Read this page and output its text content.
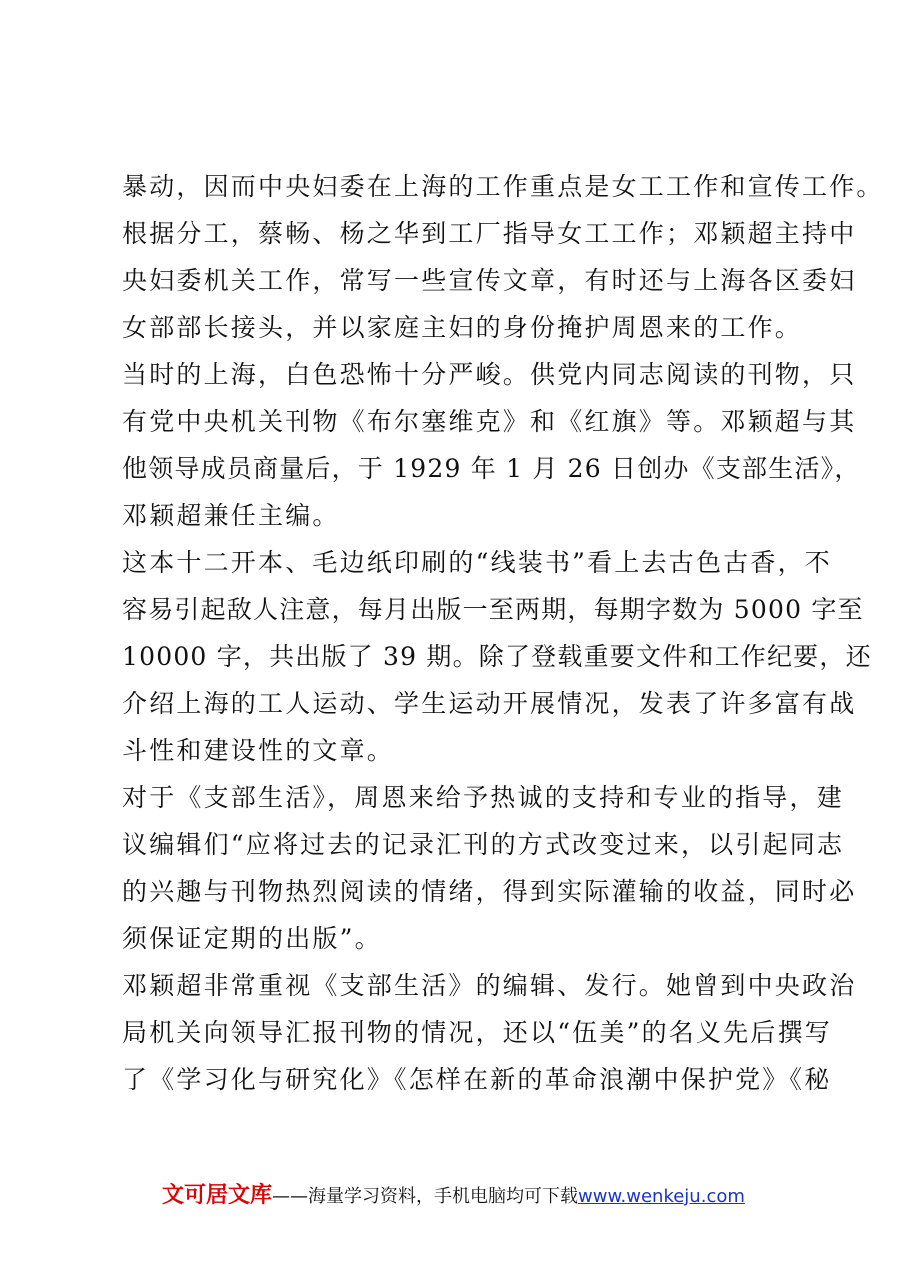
暴动，因而中央妇委在上海的工作重点是女工工作和宣传工作。
根据分工，蔡畅、杨之华到工厂指导女工工作；邓颖超主持中
央妇委机关工作，常写一些宣传文章，有时还与上海各区委妇
女部部长接头，并以家庭主妇的身份掩护周恩来的工作。
当时的上海，白色恐怖十分严峻。供党内同志阅读的刊物，只
有党中央机关刊物《布尔塞维克》和《红旗》等。邓颖超与其
他领导成员商量后，于 1929 年 1 月 26 日创办《支部生活》，
邓颖超兼任主编。
这本十二开本、毛边纸印刷的“线装书”看上去古色古香，不
容易引起敌人注意，每月出版一至两期，每期字数为 5000 字至
10000 字，共出版了 39 期。除了登载重要文件和工作纪要，还
介绍上海的工人运动、学生运动开展情况，发表了许多富有战
斗性和建设性的文章。
对于《支部生活》，周恩来给予热诚的支持和专业的指导，建
议编辑们“应将过去的记录汇刊的方式改变过来，以引起同志
的兴趣与刊物热烈阅读的情绪，得到实际灌输的收益，同时必
须保证定期的出版”。
邓颖超非常重视《支部生活》的编辑、发行。她曾到中央政治
局机关向领导汇报刊物的情况，还以“伍美”的名义先后撰写
了《学习化与研究化》《怎样在新的革命浪潮中保护党》《秘
文可居文库——海量学习资料，手机电脑均可下载www.wenkeju.com
